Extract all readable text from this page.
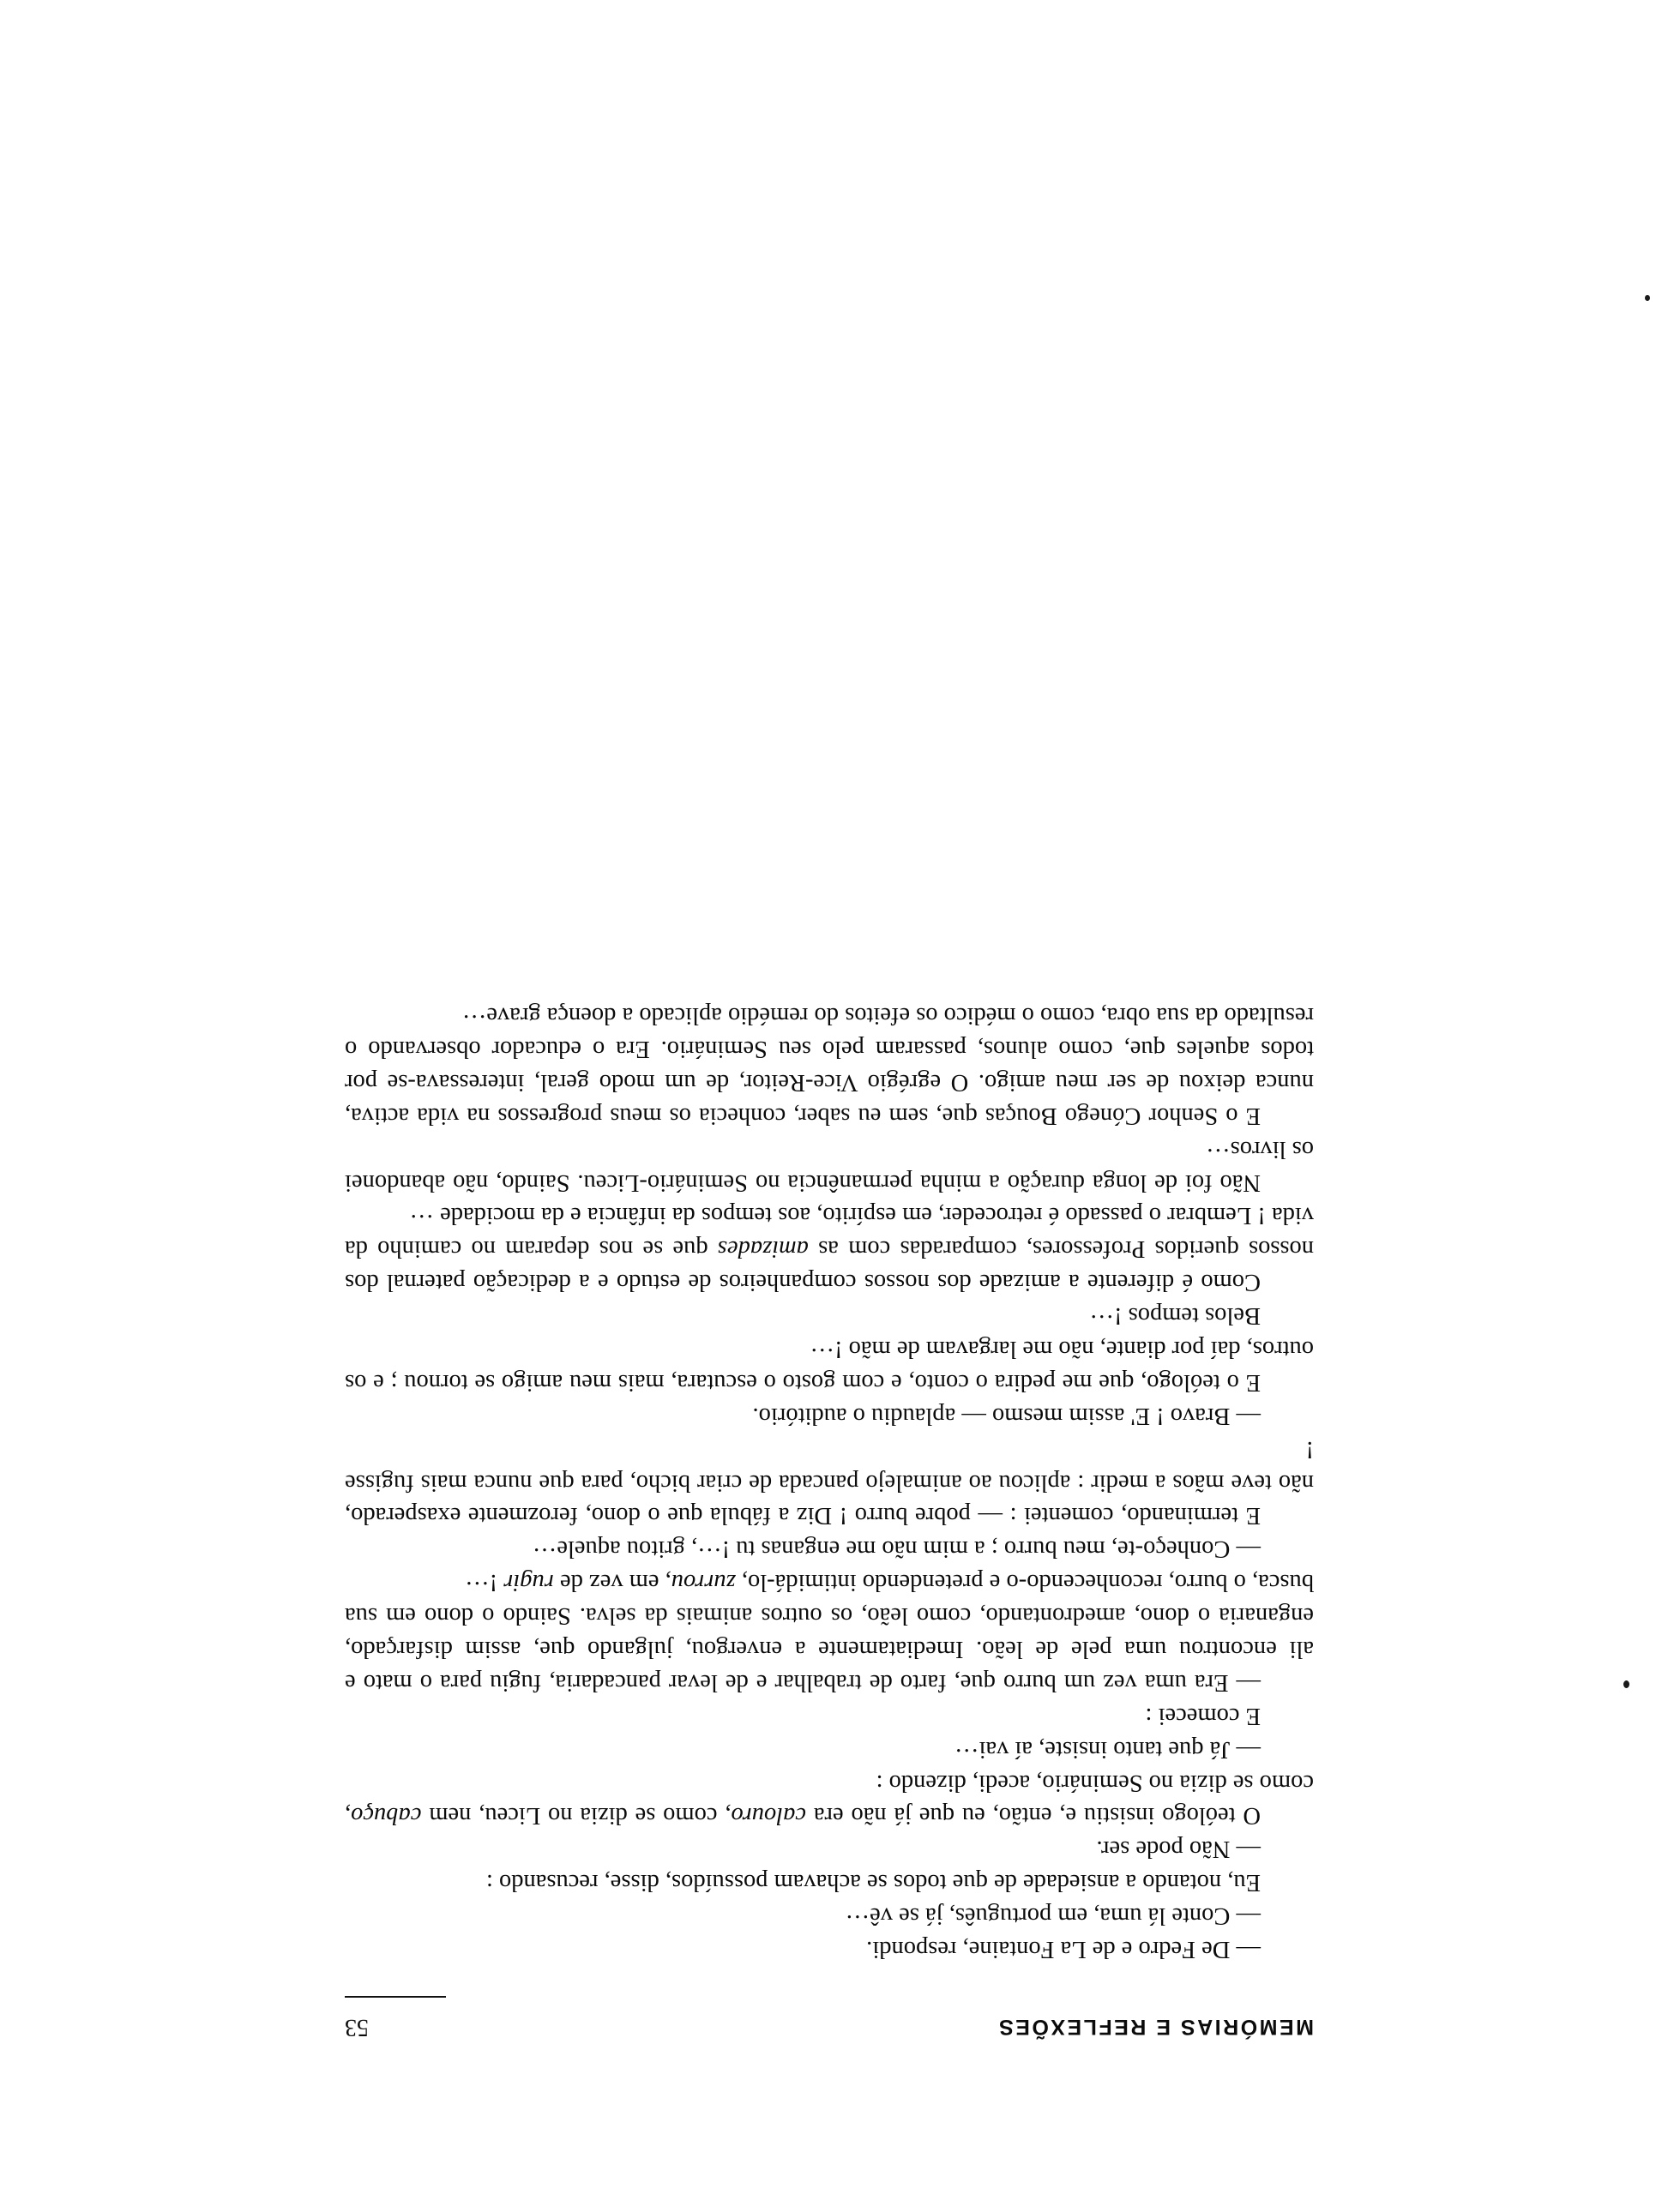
MEMÓRIAS E REFLEXÕES
53

— De Fedro e de La Fontaine, respondi.

— Conte lá uma, em português, já se vê···

Eu, notando a ansiedade de que todos se achavam possuídos, disse, recusando :

— Não pode ser.

O teólogo insistiu e, então, eu que já não era calouro, como se dizia no Liceu, nem cabuço, como se dizia no Seminário, acedi, dizendo :

— Já que tanto insiste, aí vai···

E comecei :

— Era uma vez um burro que, farto de trabalhar e de levar pancadaria, fugiu para o mato e ali encontrou uma pele de leão. Imediatamente a envergou, julgando que, assim disfarçado, enganaria o dono, amedrontando, como leão, os outros animais da selva. Saindo o dono em sua busca, o burro, reconhecendo-o e pretendendo intimidá-lo, zurrou, em vez de rugir !···

— Conheço-te, meu burro ; a mim não me enganas tu !···, gritou aquele···

E terminando, comentei : — pobre burro ! Diz a fábula que o dono, ferozmente exasperado, não teve mãos a medir : aplicou ao animalejo pancada de criar bicho, para que nunca mais fugisse !

— Bravo ! E' assim mesmo — aplaudiu o auditório.

E o teólogo, que me pedira o conto, e com gosto o escutara, mais meu amigo se tornou ; e os outros, daí por diante, não me largavam de mão !···

Belos tempos !···

Como é diferente a amizade dos nossos companheiros de estudo e a dedicação paternal dos nossos queridos Professores, comparadas com as amizades que se nos deparam no caminho da vida ! Lembrar o passado é retroceder, em espírito, aos tempos da infância e da mocidade ···

Não foi de longa duração a minha permanência no Seminário-Liceu. Saindo, não abandonei os livros···

E o Senhor Cónego Bouças que, sem eu saber, conhecia os meus progressos na vida activa, nunca deixou de ser meu amigo. O egrégio Vice-Reitor, de um modo geral, interessava-se por todos aqueles que, como alunos, passaram pelo seu Seminário. Era o educador observando o resultado da sua obra, como o médico os efeitos do remédio aplicado a doença grave···
